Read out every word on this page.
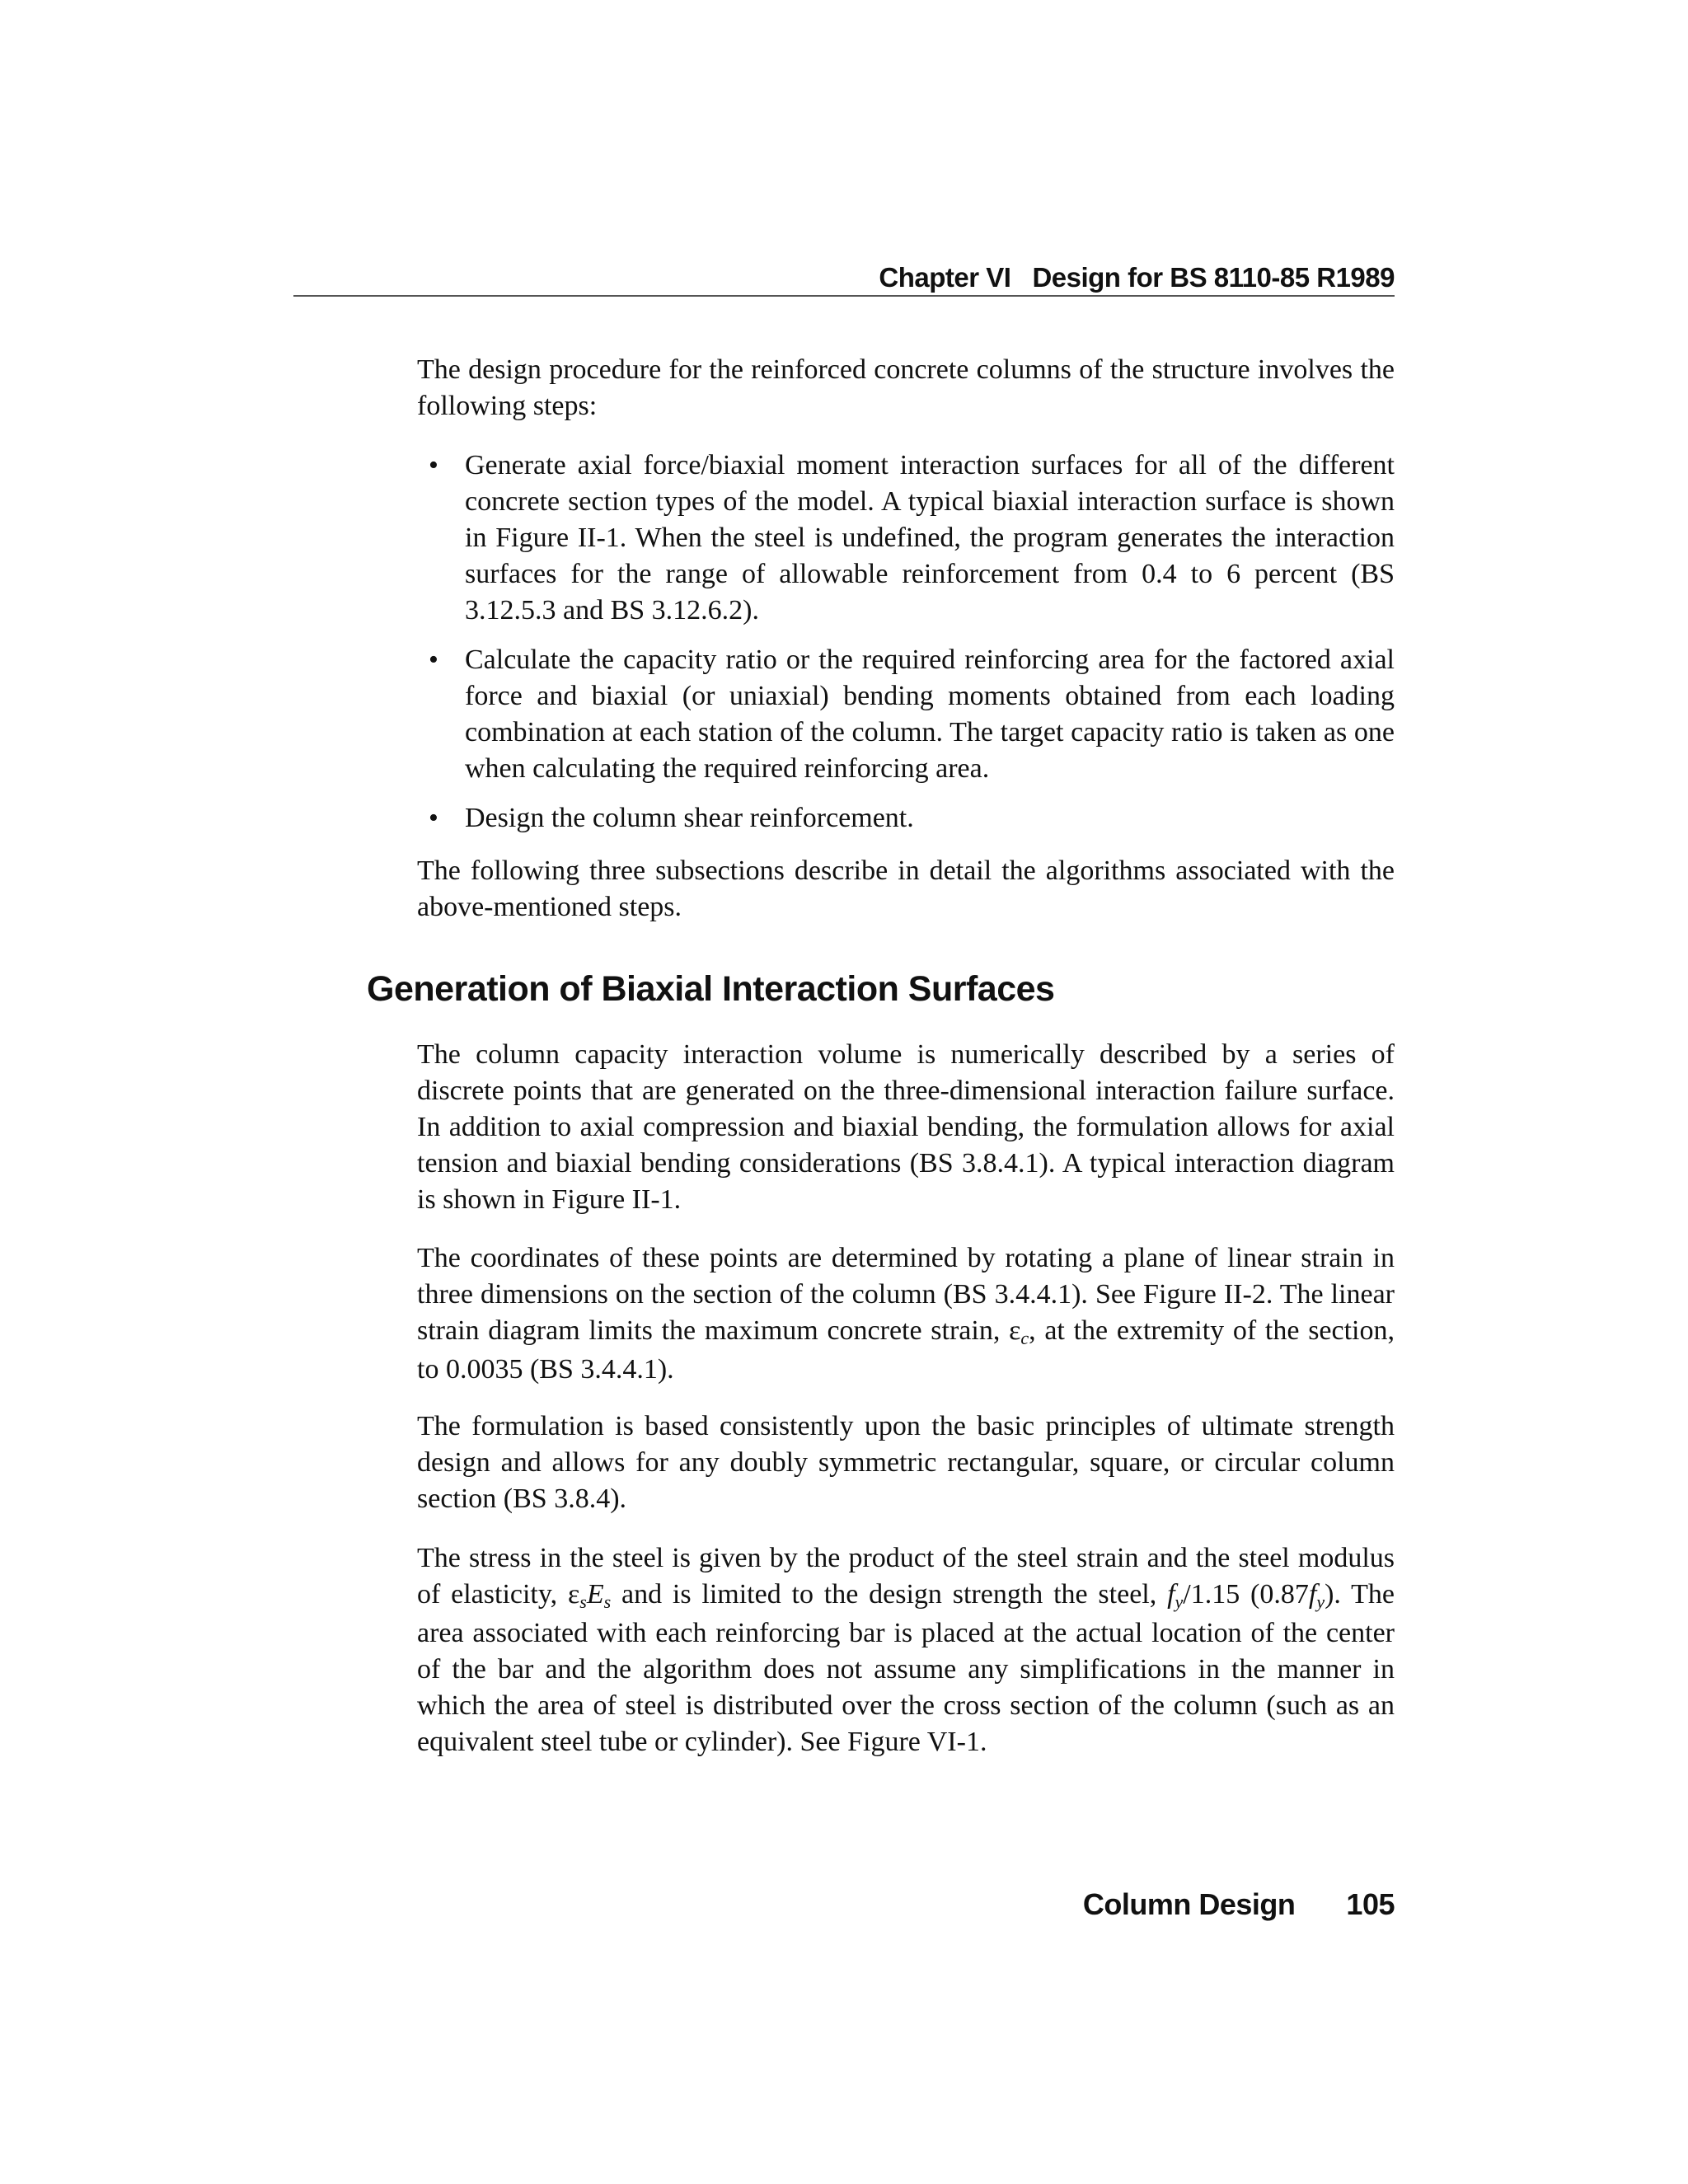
Chapter VI Design for BS 8110-85 R1989

The design procedure for the reinforced concrete columns of the structure involves the following steps:

• Generate axial force/biaxial moment interaction surfaces for all of the different concrete section types of the model. A typical biaxial interaction surface is shown in Figure II-1. When the steel is undefined, the program generates the interaction surfaces for the range of allowable reinforcement from 0.4 to 6 percent (BS 3.12.5.3 and BS 3.12.6.2).
• Calculate the capacity ratio or the required reinforcing area for the factored axial force and biaxial (or uniaxial) bending moments obtained from each loading combination at each station of the column. The target capacity ratio is taken as one when calculating the required reinforcing area.
• Design the column shear reinforcement.

The following three subsections describe in detail the algorithms associated with the above-mentioned steps.

Generation of Biaxial Interaction Surfaces

The column capacity interaction volume is numerically described by a series of discrete points that are generated on the three-dimensional interaction failure surface. In addition to axial compression and biaxial bending, the formulation allows for axial tension and biaxial bending considerations (BS 3.8.4.1). A typical interaction diagram is shown in Figure II-1.

The coordinates of these points are determined by rotating a plane of linear strain in three dimensions on the section of the column (BS 3.4.4.1). See Figure II-2. The linear strain diagram limits the maximum concrete strain, εc, at the extremity of the section, to 0.0035 (BS 3.4.4.1).

The formulation is based consistently upon the basic principles of ultimate strength design and allows for any doubly symmetric rectangular, square, or circular column section (BS 3.8.4).

The stress in the steel is given by the product of the steel strain and the steel modulus of elasticity, εsEs and is limited to the design strength the steel, fy/1.15 (0.87fy). The area associated with each reinforcing bar is placed at the actual location of the center of the bar and the algorithm does not assume any simplifications in the manner in which the area of steel is distributed over the cross section of the column (such as an equivalent steel tube or cylinder). See Figure VI-1.

Column Design 105
